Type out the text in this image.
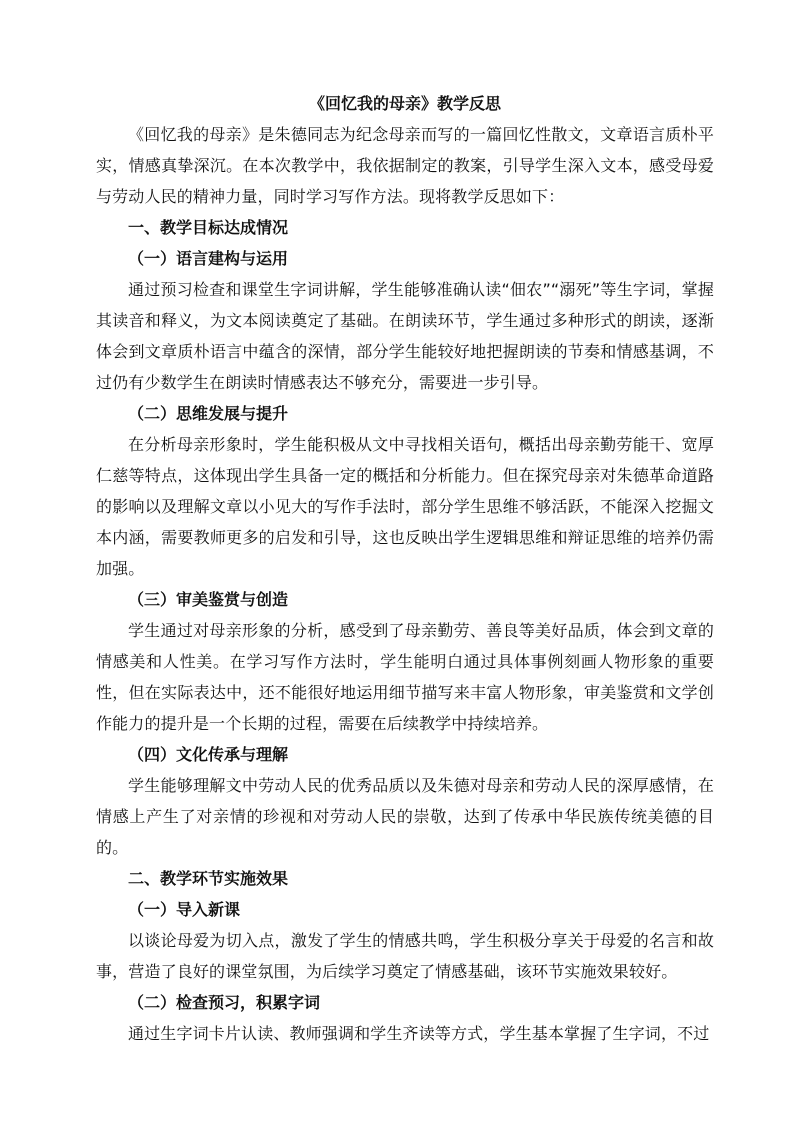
《回忆我的母亲》教学反思

《回忆我的母亲》是朱德同志为纪念母亲而写的一篇回忆性散文，文章语言质朴平实，情感真挚深沉。在本次教学中，我依据制定的教案，引导学生深入文本，感受母爱与劳动人民的精神力量，同时学习写作方法。现将教学反思如下：

一、教学目标达成情况

（一）语言建构与运用

通过预习检查和课堂生字词讲解，学生能够准确认读“佃农”“溺死”等生字词，掌握其读音和释义，为文本阅读奠定了基础。在朗读环节，学生通过多种形式的朗读，逐渐体会到文章质朴语言中蕴含的深情，部分学生能较好地把握朗读的节奏和情感基调，不过仍有少数学生在朗读时情感表达不够充分，需要进一步引导。

（二）思维发展与提升

在分析母亲形象时，学生能积极从文中寻找相关语句，概括出母亲勤劳能干、宽厚仁慈等特点，这体现出学生具备一定的概括和分析能力。但在探究母亲对朱德革命道路的影响以及理解文章以小见大的写作手法时，部分学生思维不够活跃，不能深入挖掘文本内涵，需要教师更多的启发和引导，这也反映出学生逻辑思维和辩证思维的培养仍需加强。

（三）审美鉴赏与创造

学生通过对母亲形象的分析，感受到了母亲勤劳、善良等美好品质，体会到文章的情感美和人性美。在学习写作方法时，学生能明白通过具体事例刻画人物形象的重要性，但在实际表达中，还不能很好地运用细节描写来丰富人物形象，审美鉴赏和文学创作能力的提升是一个长期的过程，需要在后续教学中持续培养。

（四）文化传承与理解

学生能够理解文中劳动人民的优秀品质以及朱德对母亲和劳动人民的深厚感情，在情感上产生了对亲情的珍视和对劳动人民的崇敬，达到了传承中华民族传统美德的目的。

二、教学环节实施效果

（一）导入新课

以谈论母爱为切入点，激发了学生的情感共鸣，学生积极分享关于母爱的名言和故事，营造了良好的课堂氛围，为后续学习奠定了情感基础，该环节实施效果较好。

（二）检查预习，积累字词

通过生字词卡片认读、教师强调和学生齐读等方式，学生基本掌握了生字词，不过
